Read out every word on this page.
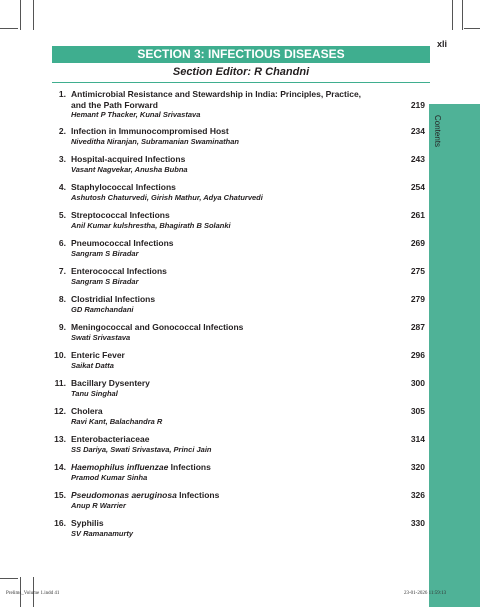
xli
Contents
SECTION 3: INFECTIOUS DISEASES
Section Editor: R Chandni
1. Antimicrobial Resistance and Stewardship in India: Principles, Practice, and the Path Forward	219
Hemant P Thacker, Kunal Srivastava
2. Infection in Immunocompromised Host	234
Niveditha Niranjan, Subramanian Swaminathan
3. Hospital-acquired Infections	243
Vasant Nagvekar, Anusha Bubna
4. Staphylococcal Infections	254
Ashutosh Chaturvedi, Girish Mathur, Adya Chaturvedi
5. Streptococcal Infections	261
Anil Kumar kulshrestha, Bhagirath B Solanki
6. Pneumococcal Infections	269
Sangram S Biradar
7. Enterococcal Infections	275
Sangram S Biradar
8. Clostridial Infections	279
GD Ramchandani
9. Meningococcal and Gonococcal Infections	287
Swati Srivastava
10. Enteric Fever	296
Saikat Datta
11. Bacillary Dysentery	300
Tanu Singhal
12. Cholera	305
Ravi Kant, Balachandra R
13. Enterobacteriaceae	314
SS Dariya, Swati Srivastava, Princi Jain
14. Haemophilus influenzae Infections	320
Pramod Kumar Sinha
15. Pseudomonas aeruginosa Infections	326
Anup R Warrier
16. Syphilis	330
SV Ramanamurty
Prelims_Volume 1.indd 41	23-01-2026 11:59:13
